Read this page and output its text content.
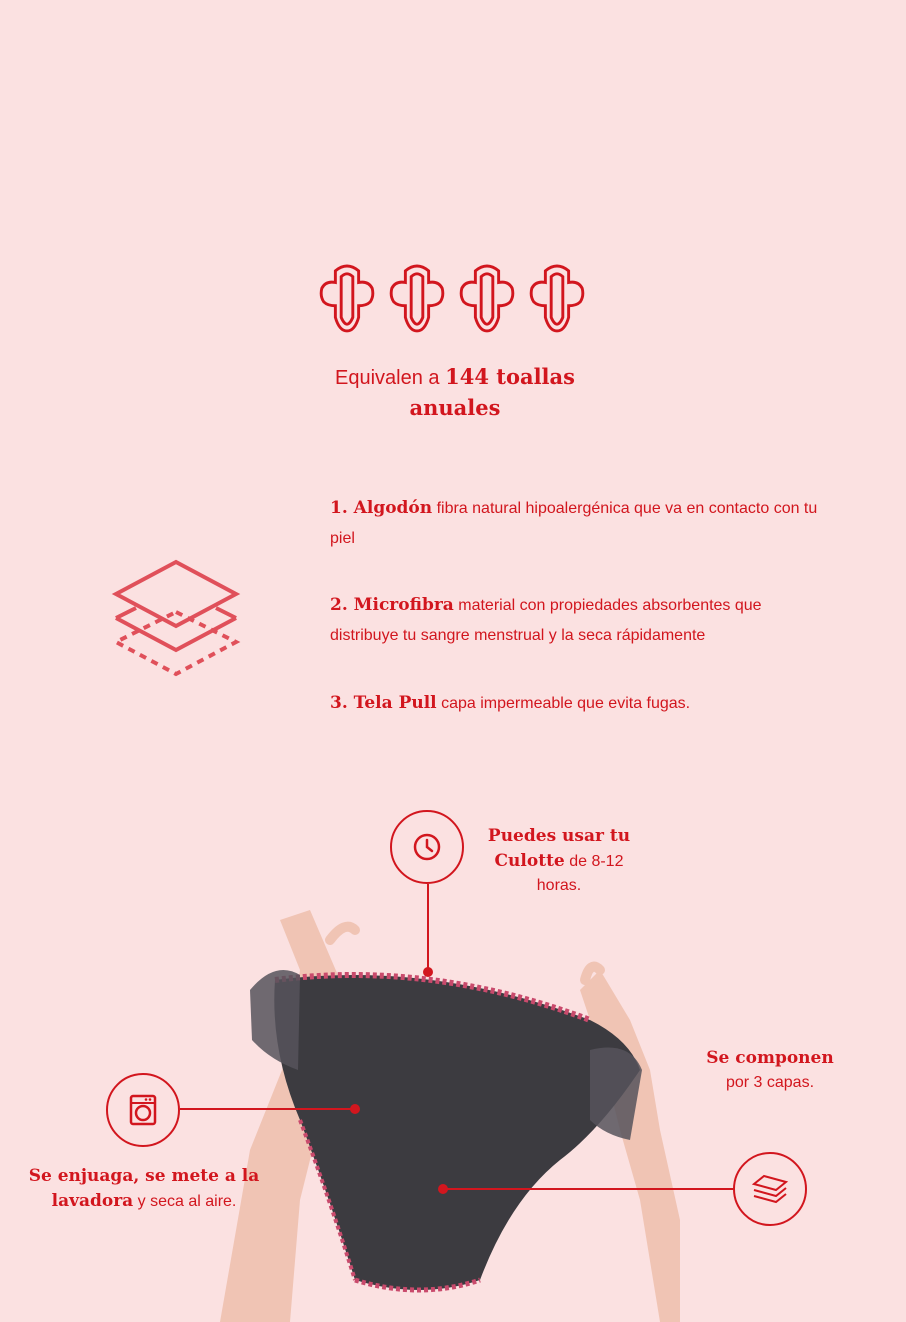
Equivalen a 144 toallas
anuales
1. Algodón fibra natural hipoalergénica que va en contacto con tu piel
2. Microfibra material con propiedades absorbentes que distribuye tu sangre menstrual y la seca rápidamente
3. Tela Pull capa impermeable que evita fugas.
Puedes usar tu Culotte de 8-12 horas.
Se enjuaga, se mete a la lavadora y seca al aire.
Se componen
por 3 capas.
